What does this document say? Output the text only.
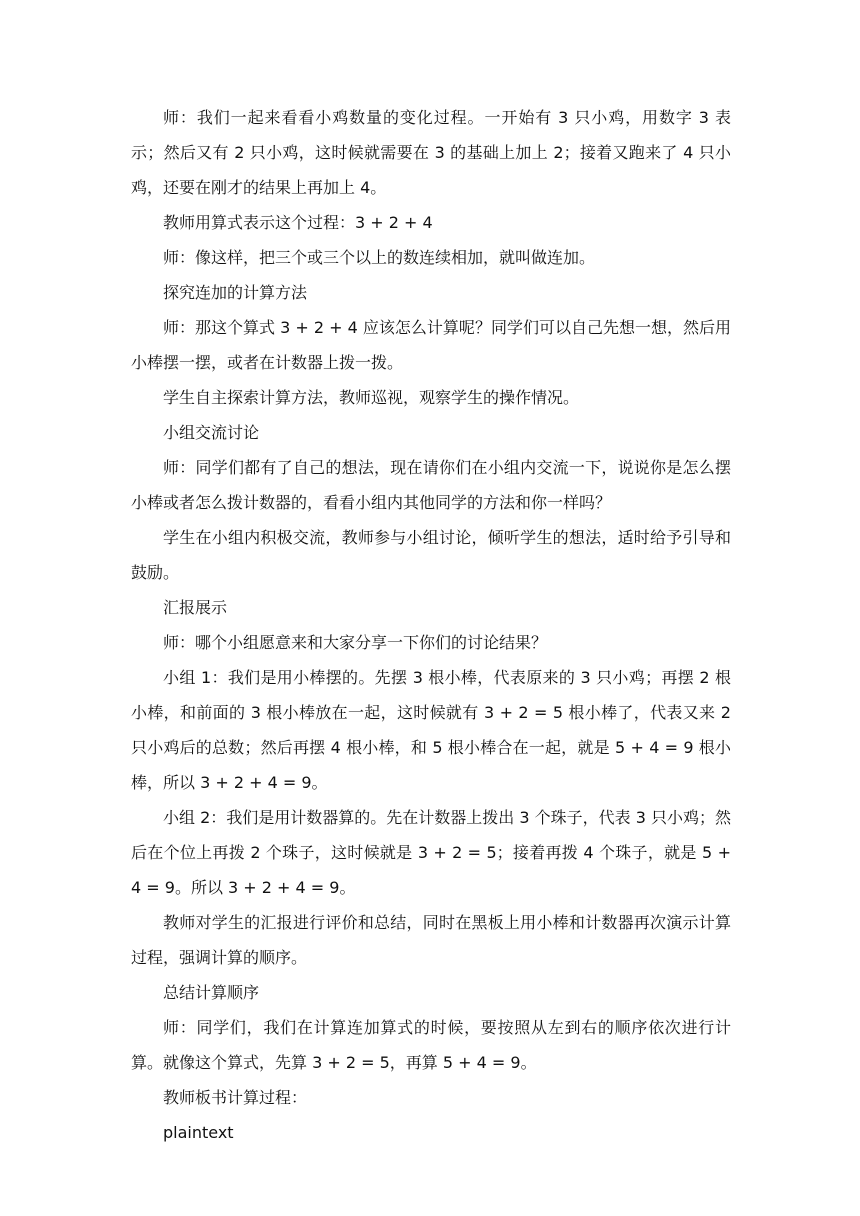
师：我们一起来看看小鸡数量的变化过程。一开始有 3 只小鸡，用数字 3 表示；然后又有 2 只小鸡，这时候就需要在 3 的基础上加上 2；接着又跑来了 4 只小鸡，还要在刚才的结果上再加上 4。

教师用算式表示这个过程：3 + 2 + 4

师：像这样，把三个或三个以上的数连续相加，就叫做连加。

探究连加的计算方法

师：那这个算式 3 + 2 + 4 应该怎么计算呢？同学们可以自己先想一想，然后用小棒摆一摆，或者在计数器上拨一拨。

学生自主探索计算方法，教师巡视，观察学生的操作情况。

小组交流讨论

师：同学们都有了自己的想法，现在请你们在小组内交流一下，说说你是怎么摆小棒或者怎么拨计数器的，看看小组内其他同学的方法和你一样吗？

学生在小组内积极交流，教师参与小组讨论，倾听学生的想法，适时给予引导和鼓励。

汇报展示

师：哪个小组愿意来和大家分享一下你们的讨论结果？

小组 1：我们是用小棒摆的。先摆 3 根小棒，代表原来的 3 只小鸡；再摆 2 根小棒，和前面的 3 根小棒放在一起，这时候就有 3 + 2 = 5 根小棒了，代表又来 2 只小鸡后的总数；然后再摆 4 根小棒，和 5 根小棒合在一起，就是 5 + 4 = 9 根小棒，所以 3 + 2 + 4 = 9。

小组 2：我们是用计数器算的。先在计数器上拨出 3 个珠子，代表 3 只小鸡；然后在个位上再拨 2 个珠子，这时候就是 3 + 2 = 5；接着再拨 4 个珠子，就是 5 + 4 = 9。所以 3 + 2 + 4 = 9。

教师对学生的汇报进行评价和总结，同时在黑板上用小棒和计数器再次演示计算过程，强调计算的顺序。

总结计算顺序

师：同学们，我们在计算连加算式的时候，要按照从左到右的顺序依次进行计算。就像这个算式，先算 3 + 2 = 5，再算 5 + 4 = 9。

教师板书计算过程：

plaintext
